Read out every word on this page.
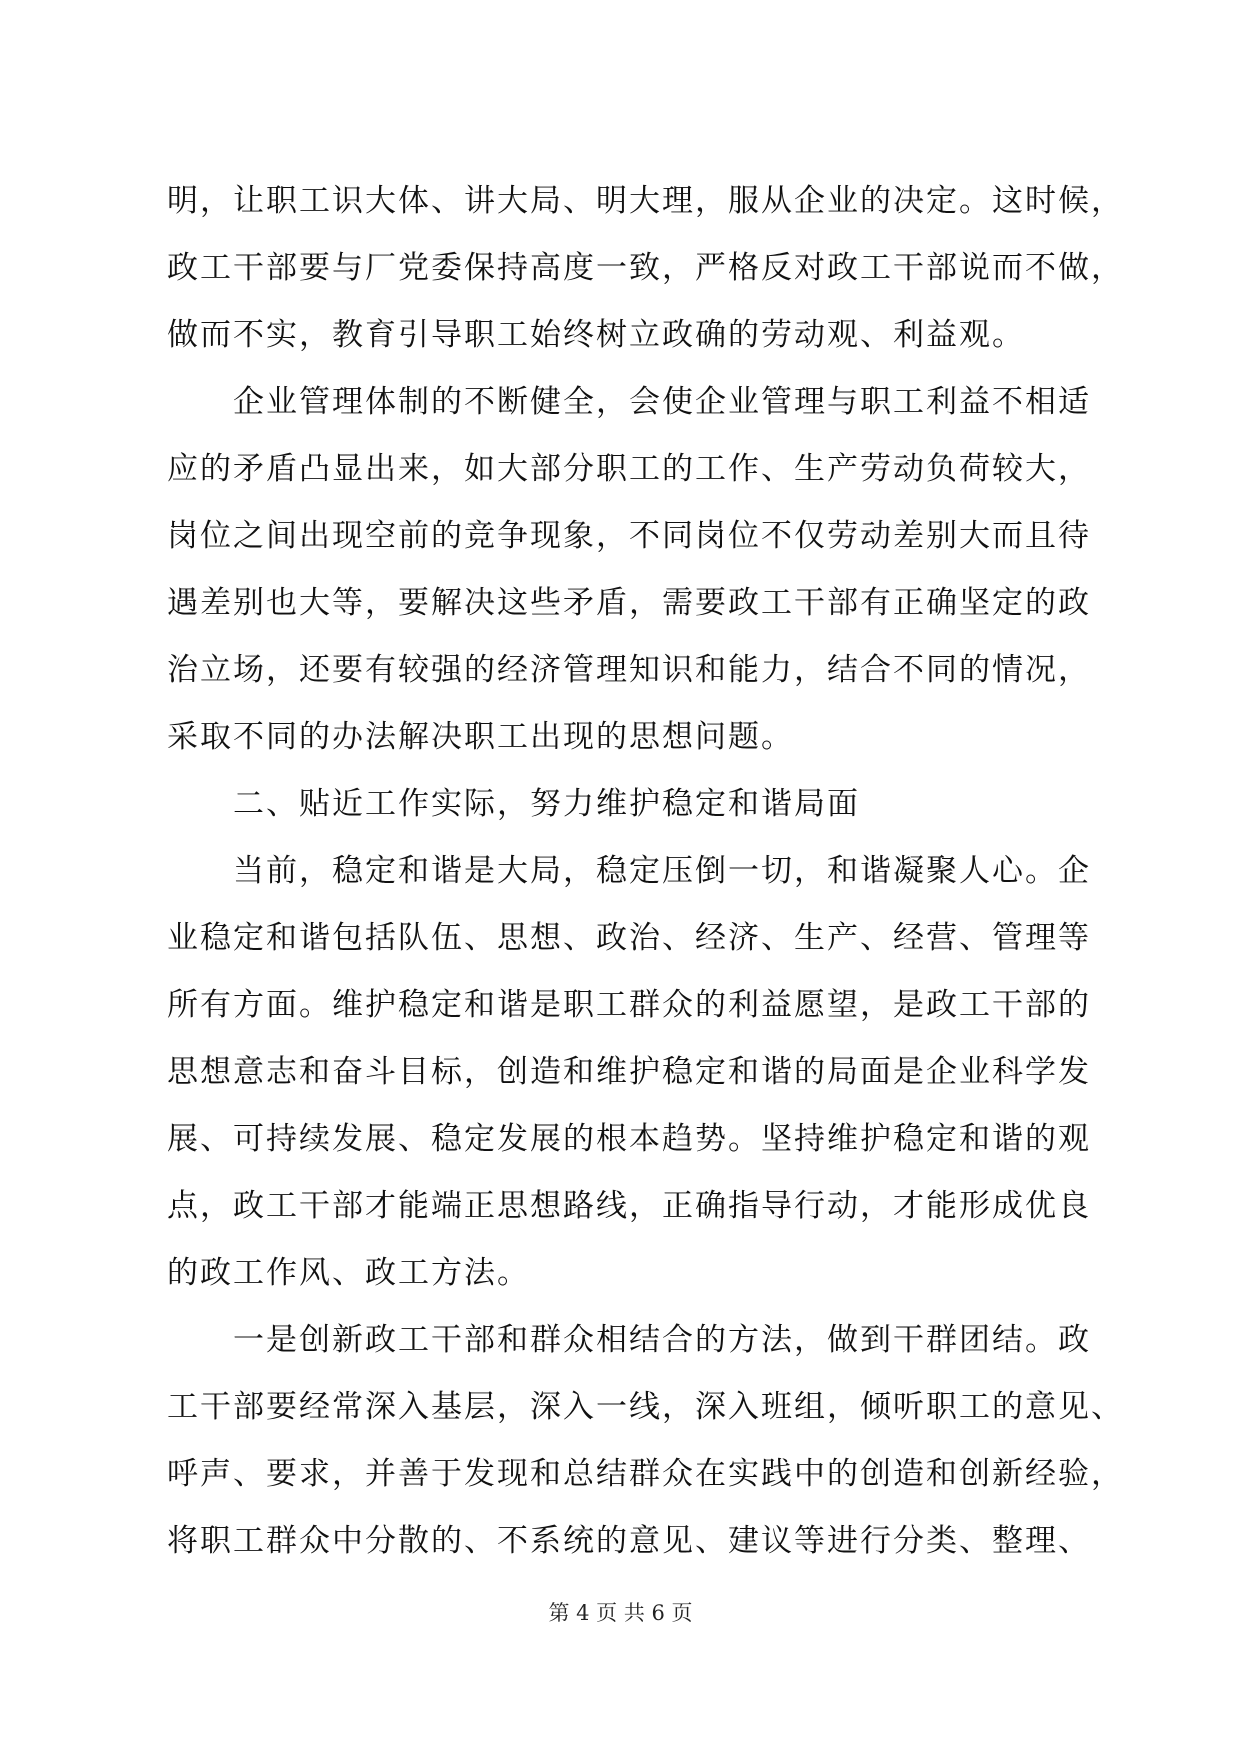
明，让职工识大体、讲大局、明大理，服从企业的决定。这时候，
政工干部要与厂党委保持高度一致，严格反对政工干部说而不做，
做而不实，教育引导职工始终树立政确的劳动观、利益观。
　　企业管理体制的不断健全，会使企业管理与职工利益不相适
应的矛盾凸显出来，如大部分职工的工作、生产劳动负荷较大，
岗位之间出现空前的竞争现象，不同岗位不仅劳动差别大而且待
遇差别也大等，要解决这些矛盾，需要政工干部有正确坚定的政
治立场，还要有较强的经济管理知识和能力，结合不同的情况，
采取不同的办法解决职工出现的思想问题。
　　二、贴近工作实际，努力维护稳定和谐局面
　　当前，稳定和谐是大局，稳定压倒一切，和谐凝聚人心。企
业稳定和谐包括队伍、思想、政治、经济、生产、经营、管理等
所有方面。维护稳定和谐是职工群众的利益愿望，是政工干部的
思想意志和奋斗目标，创造和维护稳定和谐的局面是企业科学发
展、可持续发展、稳定发展的根本趋势。坚持维护稳定和谐的观
点，政工干部才能端正思想路线，正确指导行动，才能形成优良
的政工作风、政工方法。
　　一是创新政工干部和群众相结合的方法，做到干群团结。政
工干部要经常深入基层，深入一线，深入班组，倾听职工的意见、
呼声、要求，并善于发现和总结群众在实践中的创造和创新经验，
将职工群众中分散的、不系统的意见、建议等进行分类、整理、
第 4 页 共 6 页
